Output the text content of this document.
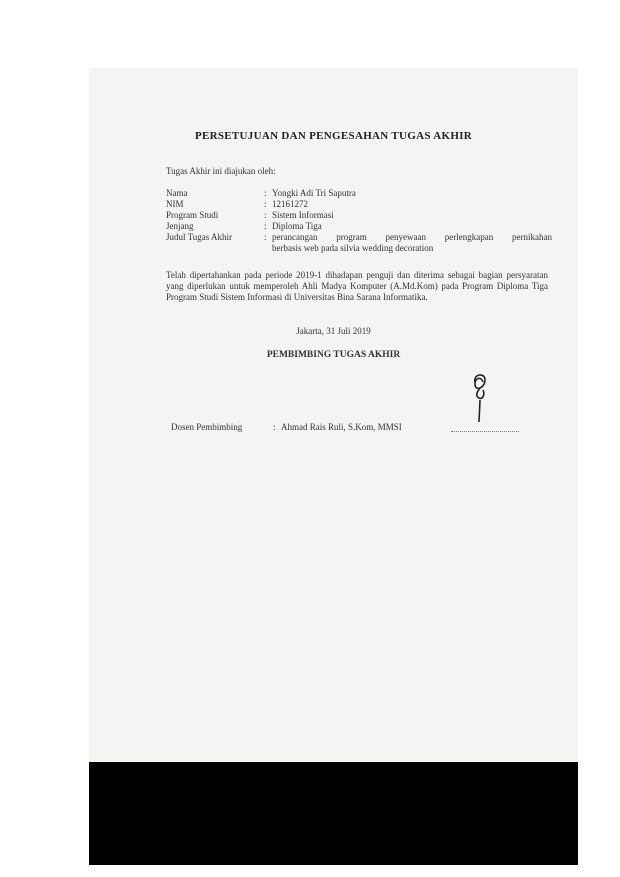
PERSETUJUAN DAN PENGESAHAN TUGAS AKHIR
Tugas Akhir ini diajukan oleh:
Nama	: Yongki Adi Tri Saputra
NIM	: 12161272
Program Studi	: Sistem Informasi
Jenjang	: Diploma Tiga
Judul Tugas Akhir	: perancangan program penyewaan perlengkapan pernikahan
berbasis web pada silvia wedding decoration
Telah dipertahankan pada periode 2019-1 dihadapan penguji dan diterima sebagai bagian persyaratan yang diperlukan untuk memperoleh Ahli Madya Komputer (A.Md.Kom) pada Program Diploma Tiga Program Studi Sistem Informasi di Universitas Bina Sarana Informatika.
Jakarta, 31 Juli 2019
PEMBIMBING TUGAS AKHIR
Dosen Pembimbing	: Ahmad Rais Ruli, S.Kom, MMSI
